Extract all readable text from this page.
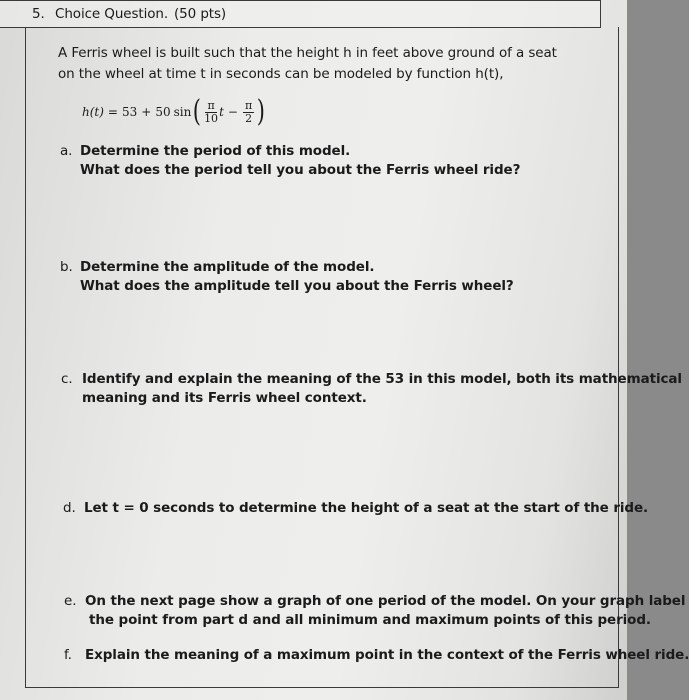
5. Choice Question. (50 pts)
A Ferris wheel is built such that the height h in feet above ground of a seat
on the wheel at time t in seconds can be modeled by function h(t),
h(t) = 53 + 50 sin ( $\frac{\pi}{10}$ $t - \frac{\pi}{2}$ )
a. Determine the period of this model.
What does the period tell you about the Ferris wheel ride?
b. Determine the amplitude of the model.
What does the amplitude tell you about the Ferris wheel?
c. Identify and explain the meaning of the 53 in this model, both its mathematical
meaning and its Ferris wheel context.
d. Let t = 0 seconds to determine the height of a seat at the start of the ride.
e. On the next page show a graph of one period of the model. On your graph label
the point from part d and all minimum and maximum points of this period.
f. Explain the meaning of a maximum point in the context of the Ferris wheel ride.
